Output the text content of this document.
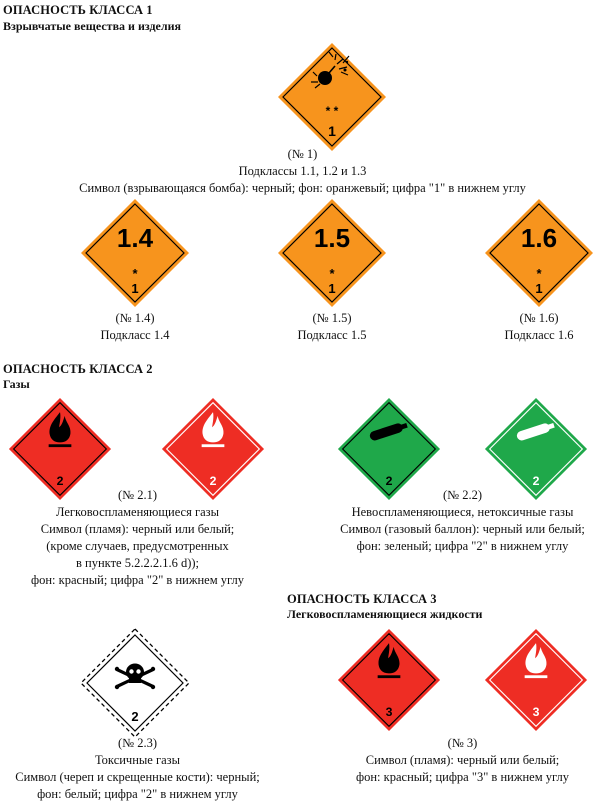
ОПАСНОСТЬ КЛАССА 1
Взрывчатые вещества и изделия
* *
1
(№ 1)
Подклассы 1.1, 1.2 и 1.3
Символ (взрывающаяся бомба): черный; фон: оранжевый; цифра "1" в нижнем углу
1.4
*
1
(№ 1.4)
Подкласс 1.4
1.5
*
1
(№ 1.5)
Подкласс 1.5
1.6
*
1
(№ 1.6)
Подкласс 1.6
ОПАСНОСТЬ КЛАССА 2
Газы
2	2
(№ 2.1)
Легковоспламеняющиеся газы
Символ (пламя): черный или белый;
(кроме случаев, предусмотренных
в пункте 5.2.2.2.1.6 d));
фон: красный; цифра "2" в нижнем углу
2	2
(№ 2.2)
Невоспламеняющиеся, нетоксичные газы
Символ (газовый баллон): черный или белый;
фон: зеленый; цифра "2" в нижнем углу
ОПАСНОСТЬ КЛАССА 3
Легковоспламеняющиеся жидкости
2
(№ 2.3)
Токсичные газы
Символ (череп и скрещенные кости): черный;
фон: белый; цифра "2" в нижнем углу
3	3
(№ 3)
Символ (пламя): черный или белый;
фон: красный; цифра "3" в нижнем углу
